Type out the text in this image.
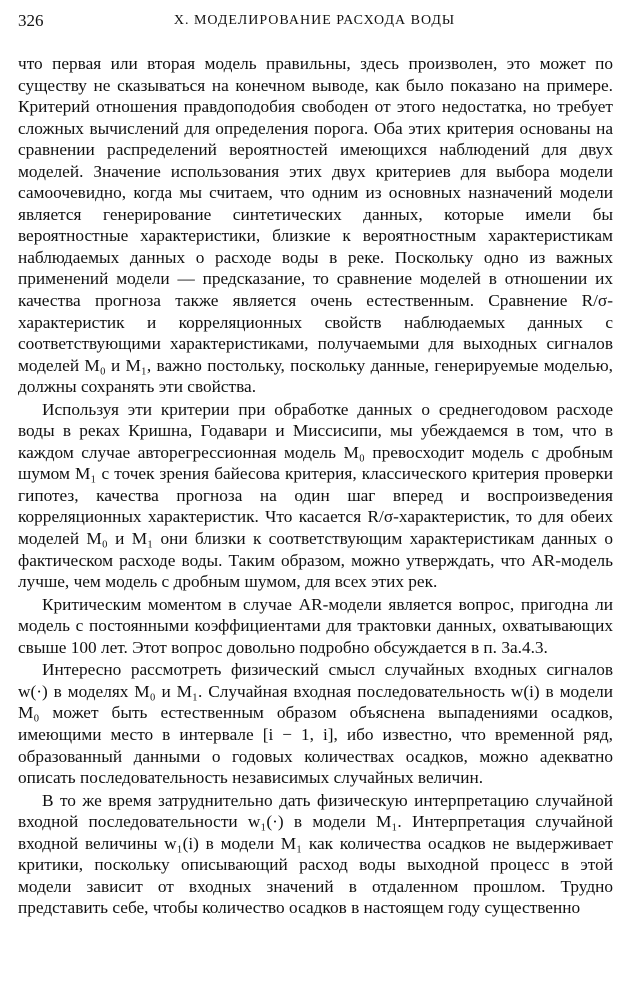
326	X. МОДЕЛИРОВАНИЕ РАСХОДА ВОДЫ

что первая или вторая модель правильны, здесь произволен, это может по существу не сказываться на конечном выводе, как было показано на примере. Критерий отношения правдоподобия свободен от этого недостатка, но требует сложных вычислений для определения порога. Оба этих критерия основаны на сравнении распределений вероятностей имеющихся наблюдений для двух моделей. Значение использования этих двух критериев для выбора модели самоочевидно, когда мы считаем, что одним из основных назначений модели является генерирование синтетических данных, которые имели бы вероятностные характеристики, близкие к вероятностным характеристикам наблюдаемых данных о расходе воды в реке. Поскольку одно из важных применений модели — предсказание, то сравнение моделей в отношении их качества прогноза также является очень естественным. Сравнение R/σ-характеристик и корреляционных свойств наблюдаемых данных с соответствующими характеристиками, получаемыми для выходных сигналов моделей M₀ и M₁, важно постольку, поскольку данные, генерируемые моделью, должны сохранять эти свойства.

Используя эти критерии при обработке данных о среднегодовом расходе воды в реках Кришна, Годавари и Миссисипи, мы убеждаемся в том, что в каждом случае авторегрессионная модель M₀ превосходит модель с дробным шумом M₁ с точек зрения байесова критерия, классического критерия проверки гипотез, качества прогноза на один шаг вперед и воспроизведения корреляционных характеристик. Что касается R/σ-характеристик, то для обеих моделей M₀ и M₁ они близки к соответствующим характеристикам данных о фактическом расходе воды. Таким образом, можно утверждать, что AR-модель лучше, чем модель с дробным шумом, для всех этих рек.

Критическим моментом в случае AR-модели является вопрос, пригодна ли модель с постоянными коэффициентами для трактовки данных, охватывающих свыше 100 лет. Этот вопрос довольно подробно обсуждается в п. 3а.4.3.

Интересно рассмотреть физический смысл случайных входных сигналов w(·) в моделях M₀ и M₁. Случайная входная последовательность w(i) в модели M₀ может быть естественным образом объяснена выпадениями осадков, имеющими место в интервале [i − 1, i], ибо известно, что временной ряд, образованный данными о годовых количествах осадков, можно адекватно описать последовательность независимых случайных величин.

В то же время затруднительно дать физическую интерпретацию случайной входной последовательности w₁(·) в модели M₁. Интерпретация случайной входной величины w₁(i) в модели M₁ как количества осадков не выдерживает критики, поскольку описывающий расход воды выходной процесс в этой модели зависит от входных значений в отдаленном прошлом. Трудно представить себе, чтобы количество осадков в настоящем году существенно
